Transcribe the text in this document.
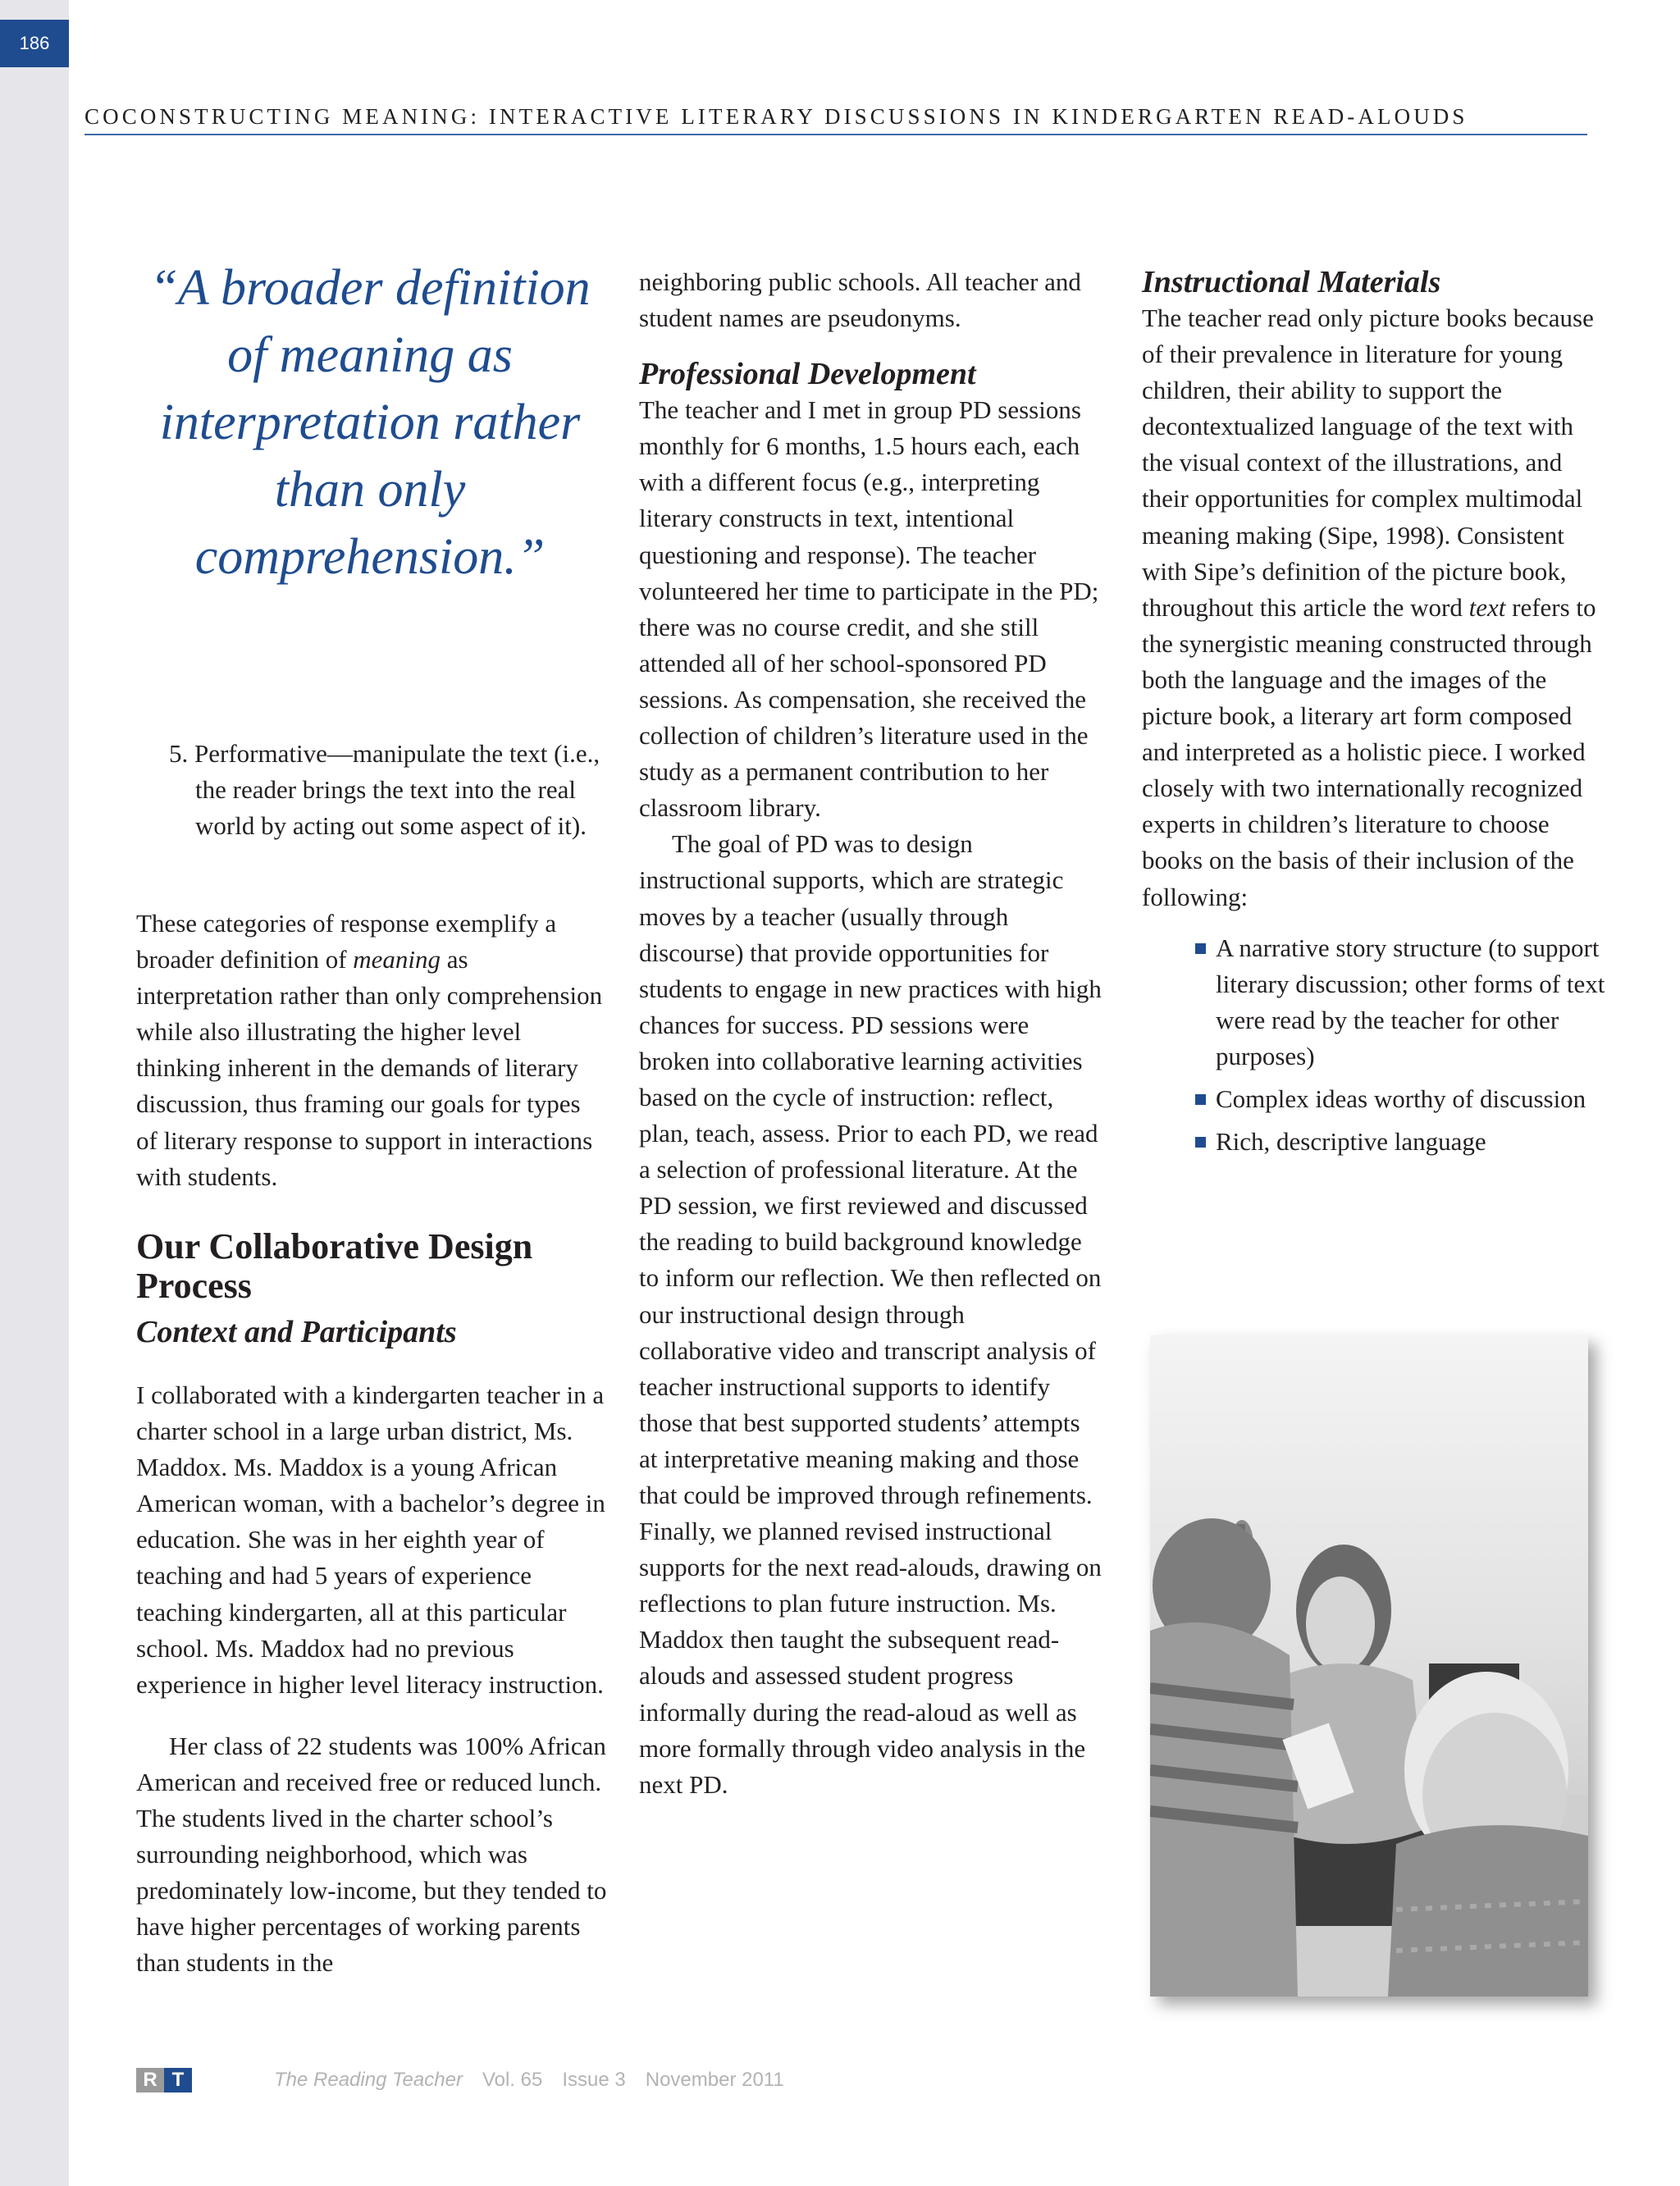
186
COCONSTRUCTING MEANING: INTERACTIVE LITERARY DISCUSSIONS IN KINDERGARTEN READ-ALOUDS
“A broader definition of meaning as interpretation rather than only comprehension.”
5. Performative—manipulate the text (i.e., the reader brings the text into the real world by acting out some aspect of it).
These categories of response exemplify a broader definition of meaning as interpretation rather than only comprehension while also illustrating the higher level thinking inherent in the demands of literary discussion, thus framing our goals for types of literary response to support in interactions with students.
Our Collaborative Design Process
Context and Participants

I collaborated with a kindergarten teacher in a charter school in a large urban district, Ms. Maddox. Ms. Maddox is a young African American woman, with a bachelor’s degree in education. She was in her eighth year of teaching and had 5 years of experience teaching kindergarten, all at this particular school. Ms. Maddox had no previous experience in higher level literacy instruction.

Her class of 22 students was 100% African American and received free or reduced lunch. The students lived in the charter school’s surrounding neighborhood, which was predominately low-income, but they tended to have higher percentages of working parents than students in the

neighboring public schools. All teacher and student names are pseudonyms.

Professional Development

The teacher and I met in group PD sessions monthly for 6 months, 1.5 hours each, each with a different focus (e.g., interpreting literary constructs in text, intentional questioning and response). The teacher volunteered her time to participate in the PD; there was no course credit, and she still attended all of her school-sponsored PD sessions. As compensation, she received the collection of children’s literature used in the study as a permanent contribution to her classroom library.

The goal of PD was to design instructional supports, which are strategic moves by a teacher (usually through discourse) that provide opportunities for students to engage in new practices with high chances for success. PD sessions were broken into collaborative learning activities based on the cycle of instruction: reflect, plan, teach, assess. Prior to each PD, we read a selection of professional literature. At the PD session, we first reviewed and discussed the reading to build background knowledge to inform our reflection. We then reflected on our instructional design through collaborative video and transcript analysis of teacher instructional supports to identify those that best supported students’ attempts at interpretative meaning making and those that could be improved through refinements. Finally, we planned revised instructional supports for the next read-alouds, drawing on reflections to plan future instruction. Ms. Maddox then taught the subsequent read-alouds and assessed student progress informally during the read-aloud as well as more formally through video analysis in the next PD.

Instructional Materials

The teacher read only picture books because of their prevalence in literature for young children, their ability to support the decontextualized language of the text with the visual context of the illustrations, and their opportunities for complex multimodal meaning making (Sipe, 1998). Consistent with Sipe’s definition of the picture book, throughout this article the word text refers to the synergistic meaning constructed through both the language and the images of the picture book, a literary art form composed and interpreted as a holistic piece. I worked closely with two internationally recognized experts in children’s literature to choose books on the basis of their inclusion of the following:

A narrative story structure (to support literary discussion; other forms of text were read by the teacher for other purposes)
Complex ideas worthy of discussion
Rich, descriptive language
R T	The Reading Teacher Vol. 65 Issue 3 November 2011
